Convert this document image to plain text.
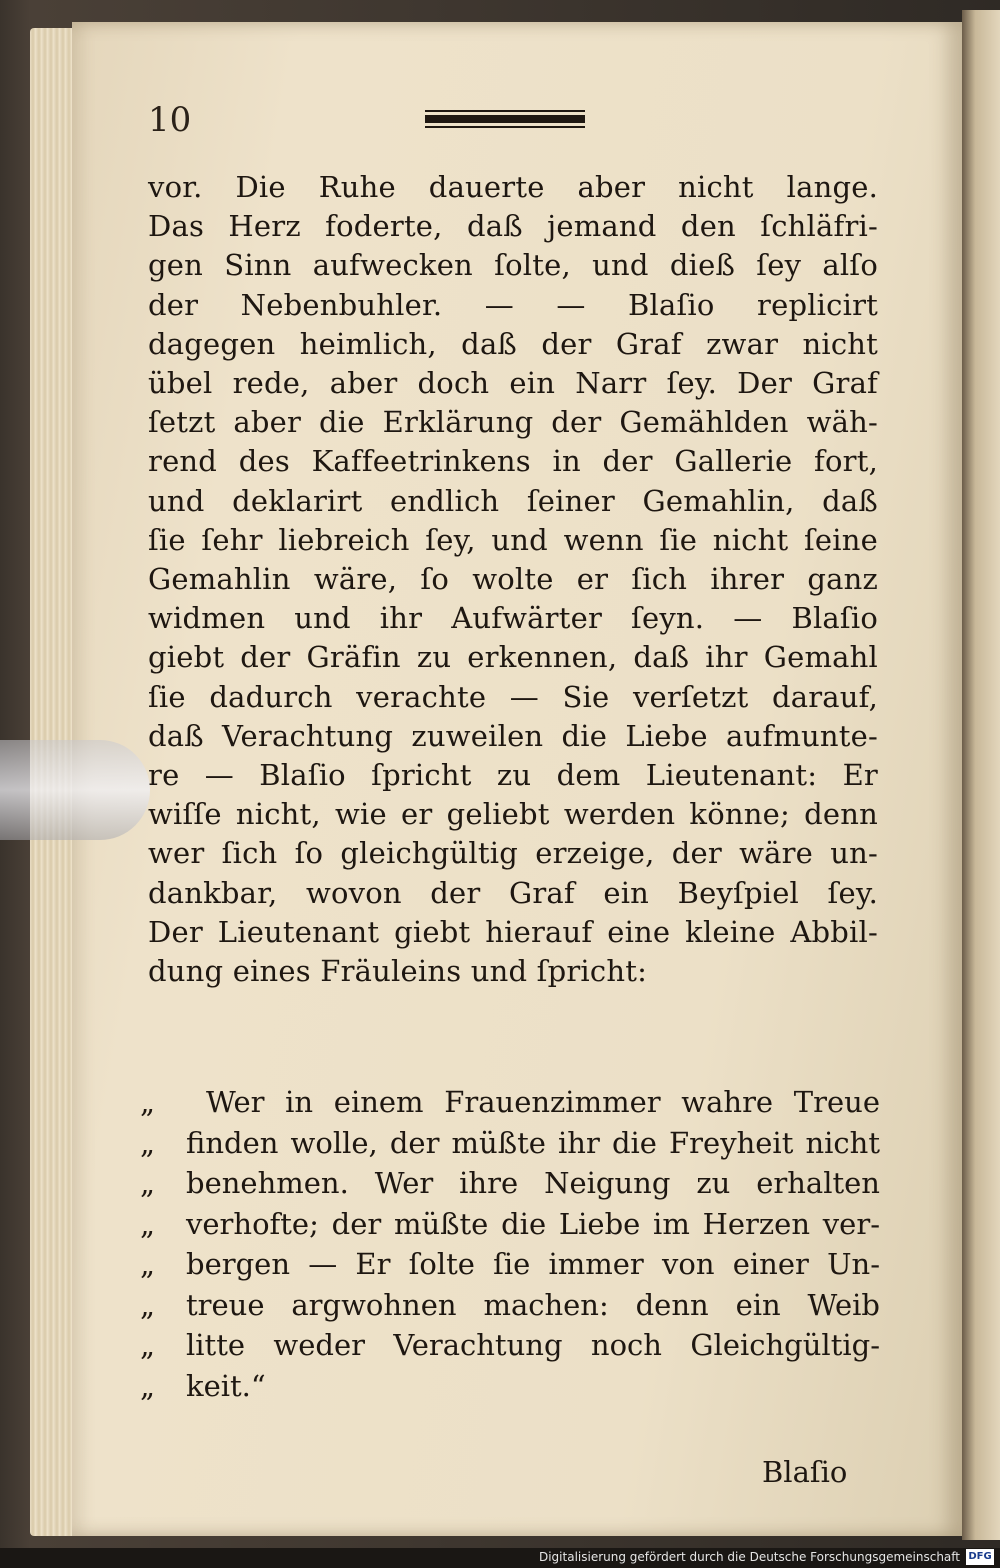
10
vor. Die Ruhe dauerte aber nicht lange.
Das Herz foderte, daß jemand den ſchläfri-
gen Sinn aufwecken ſolte, und dieß ſey alſo
der Nebenbuhler. — — Blaſio replicirt
dagegen heimlich, daß der Graf zwar nicht
übel rede, aber doch ein Narr ſey. Der Graf
ſetzt aber die Erklärung der Gemählden wäh-
rend des Kaffeetrinkens in der Gallerie fort,
und deklarirt endlich ſeiner Gemahlin, daß
ſie ſehr liebreich ſey, und wenn ſie nicht ſeine
Gemahlin wäre, ſo wolte er ſich ihrer ganz
widmen und ihr Aufwärter ſeyn. — Blaſio
giebt der Gräfin zu erkennen, daß ihr Gemahl
ſie dadurch verachte — Sie verſetzt darauf,
daß Verachtung zuweilen die Liebe aufmunte-
re — Blaſio ſpricht zu dem Lieutenant: Er
wiſſe nicht, wie er geliebt werden könne; denn
wer ſich ſo gleichgültig erzeige, der wäre un-
dankbar, wovon der Graf ein Beyſpiel ſey.
Der Lieutenant giebt hierauf eine kleine Abbil-
dung eines Fräuleins und ſpricht:
„	Wer in einem Frauenzimmer wahre Treue
„	finden wolle, der müßte ihr die Freyheit nicht
„	benehmen. Wer ihre Neigung zu erhalten
„	verhofte; der müßte die Liebe im Herzen ver-
„	bergen — Er ſolte ſie immer von einer Un-
„	treue argwohnen machen: denn ein Weib
„	litte weder Verachtung noch Gleichgültig-
„	keit.“
Blaſio
Digitalisierung gefördert durch die Deutsche Forschungsgemeinschaft DFG
